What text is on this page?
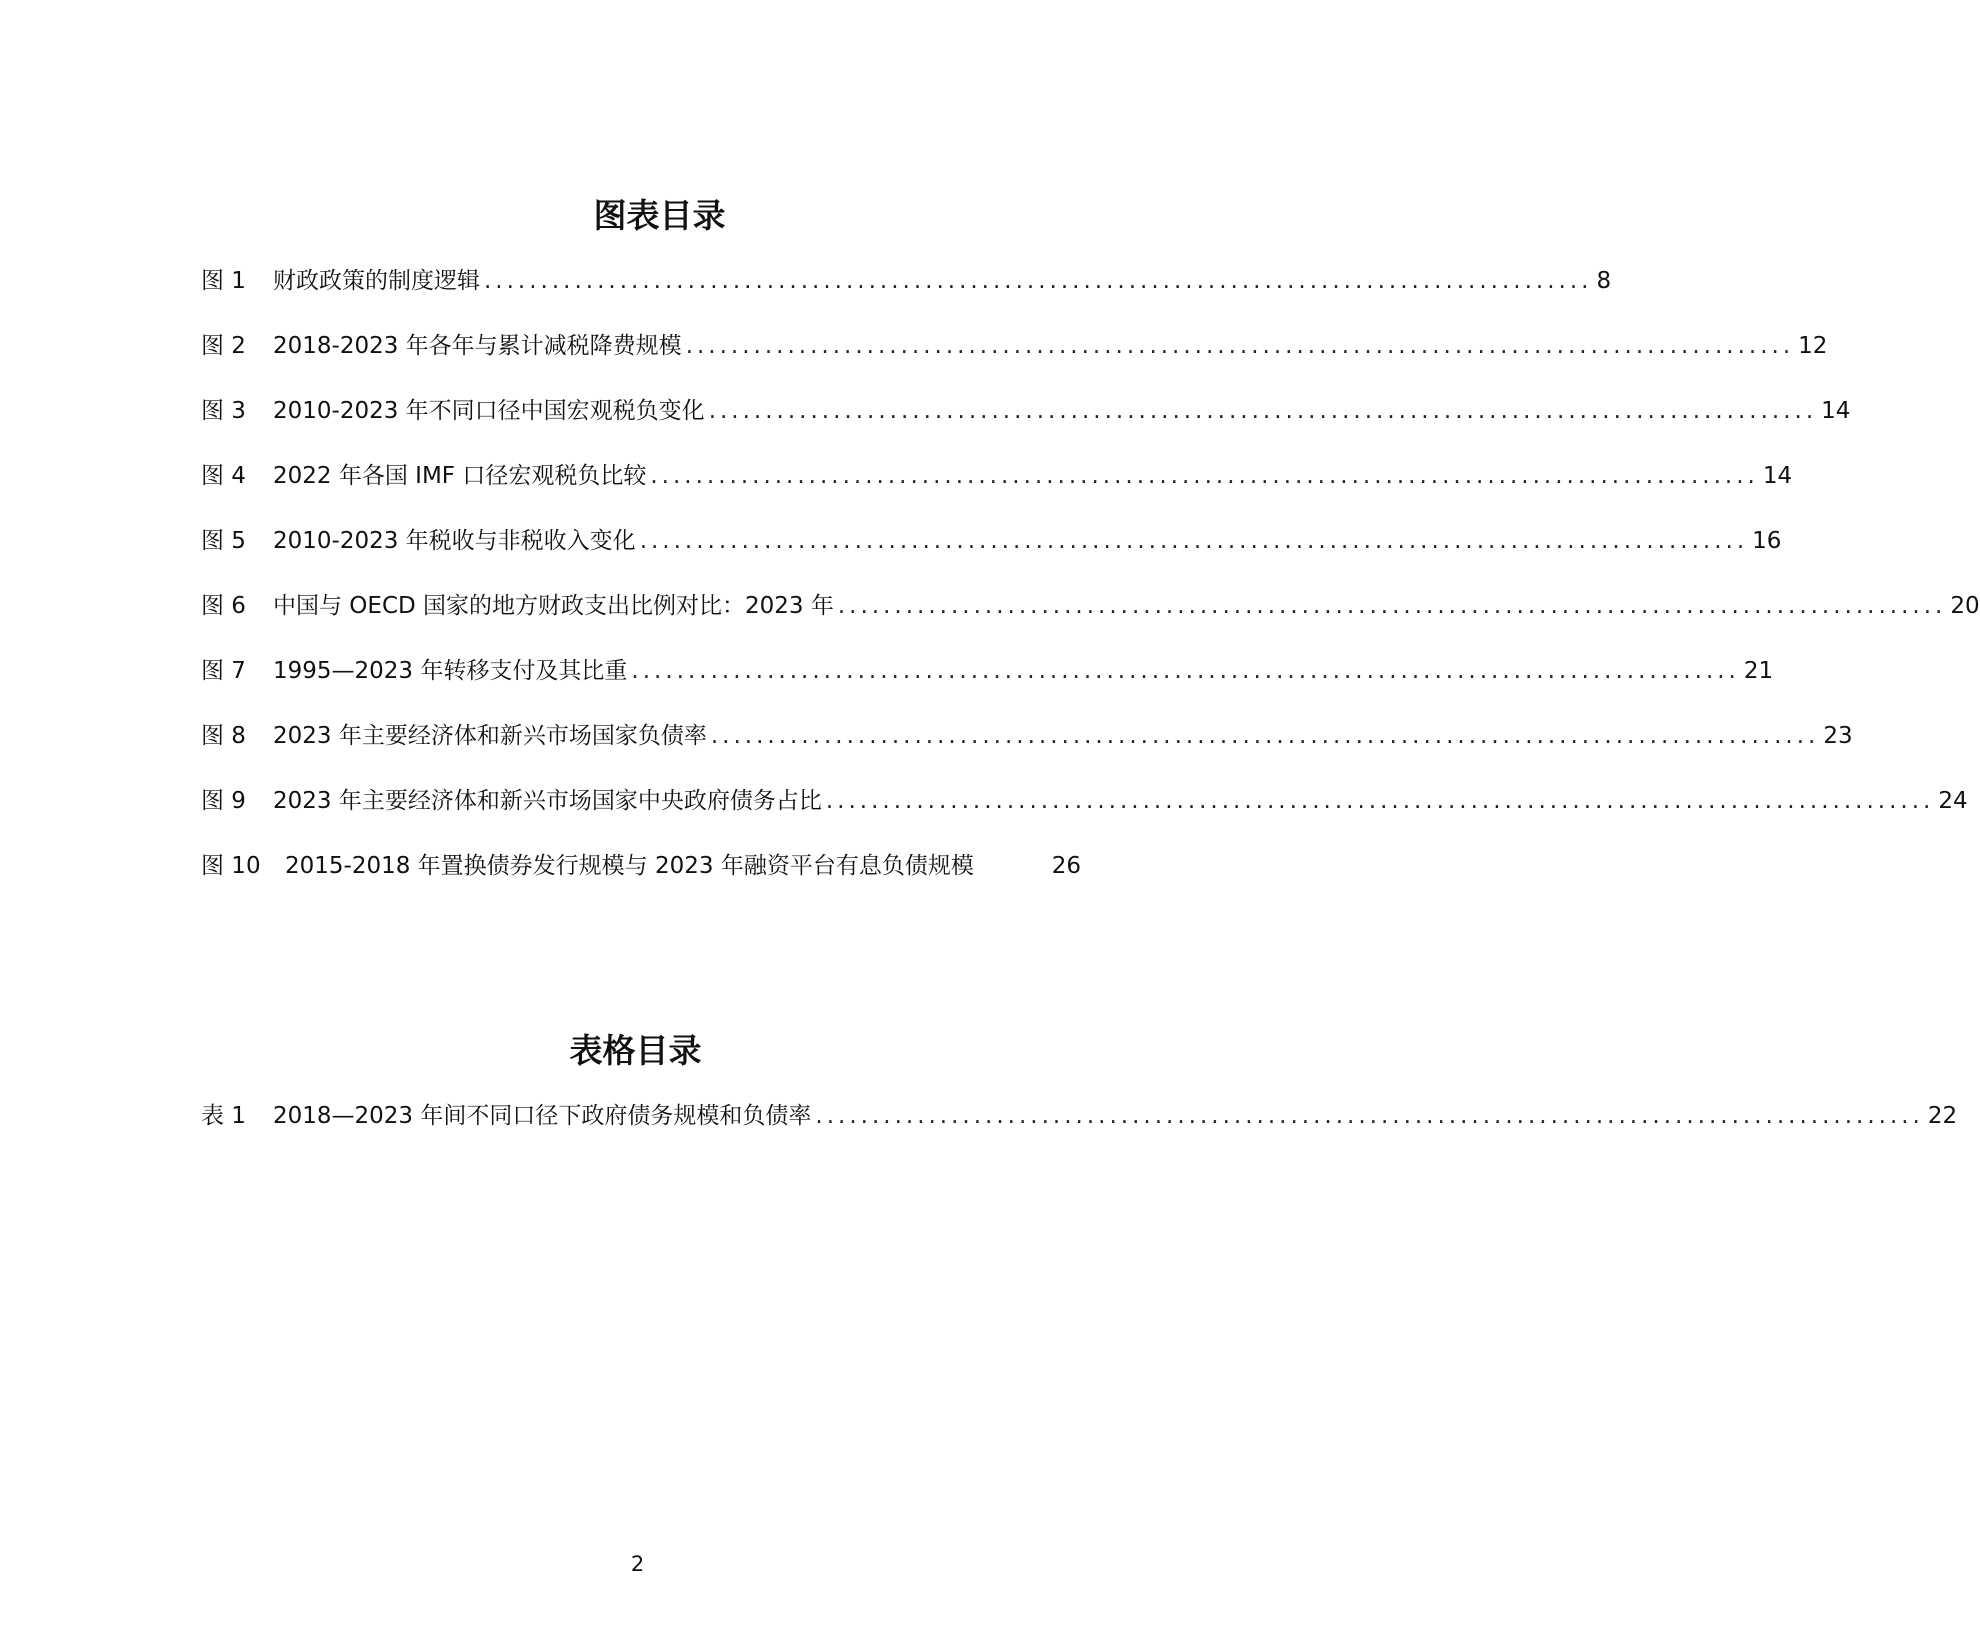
图表目录
图 1	财政政策的制度逻辑 .................................................................................................. 8
图 2	2018-2023 年各年与累计减税降费规模 .................................................................................................. 12
图 3	2010-2023 年不同口径中国宏观税负变化 .................................................................................................. 14
图 4	2022 年各国 IMF 口径宏观税负比较 .................................................................................................. 14
图 5	2010-2023 年税收与非税收入变化 .................................................................................................. 16
图 6	中国与 OECD 国家的地方财政支出比例对比：2023 年 .................................................................................................. 20
图 7	1995—2023 年转移支付及其比重 .................................................................................................. 21
图 8	2023 年主要经济体和新兴市场国家负债率 .................................................................................................. 23
图 9	2023 年主要经济体和新兴市场国家中央政府债务占比 .................................................................................................. 24
图 10	2015-2018 年置换债券发行规模与 2023 年融资平台有息负债规模	26
表格目录
表 1	2018—2023 年间不同口径下政府债务规模和负债率 .................................................................................................. 22
2
